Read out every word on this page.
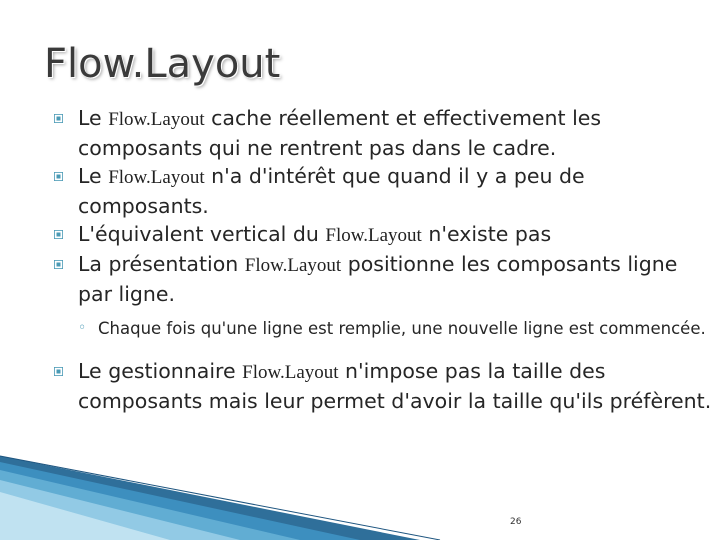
Flow.Layout
Le Flow.Layout cache réellement et effectivement les composants qui ne rentrent pas dans le cadre.
Le Flow.Layout n'a d'intérêt que quand il y a peu de composants.
L'équivalent vertical du Flow.Layout n'existe pas
La présentation Flow.Layout positionne les composants ligne par ligne.
◦ Chaque fois qu'une ligne est remplie, une nouvelle ligne est commencée.
Le gestionnaire Flow.Layout n'impose pas la taille des composants mais leur permet d'avoir la taille qu'ils préfèrent.
26
